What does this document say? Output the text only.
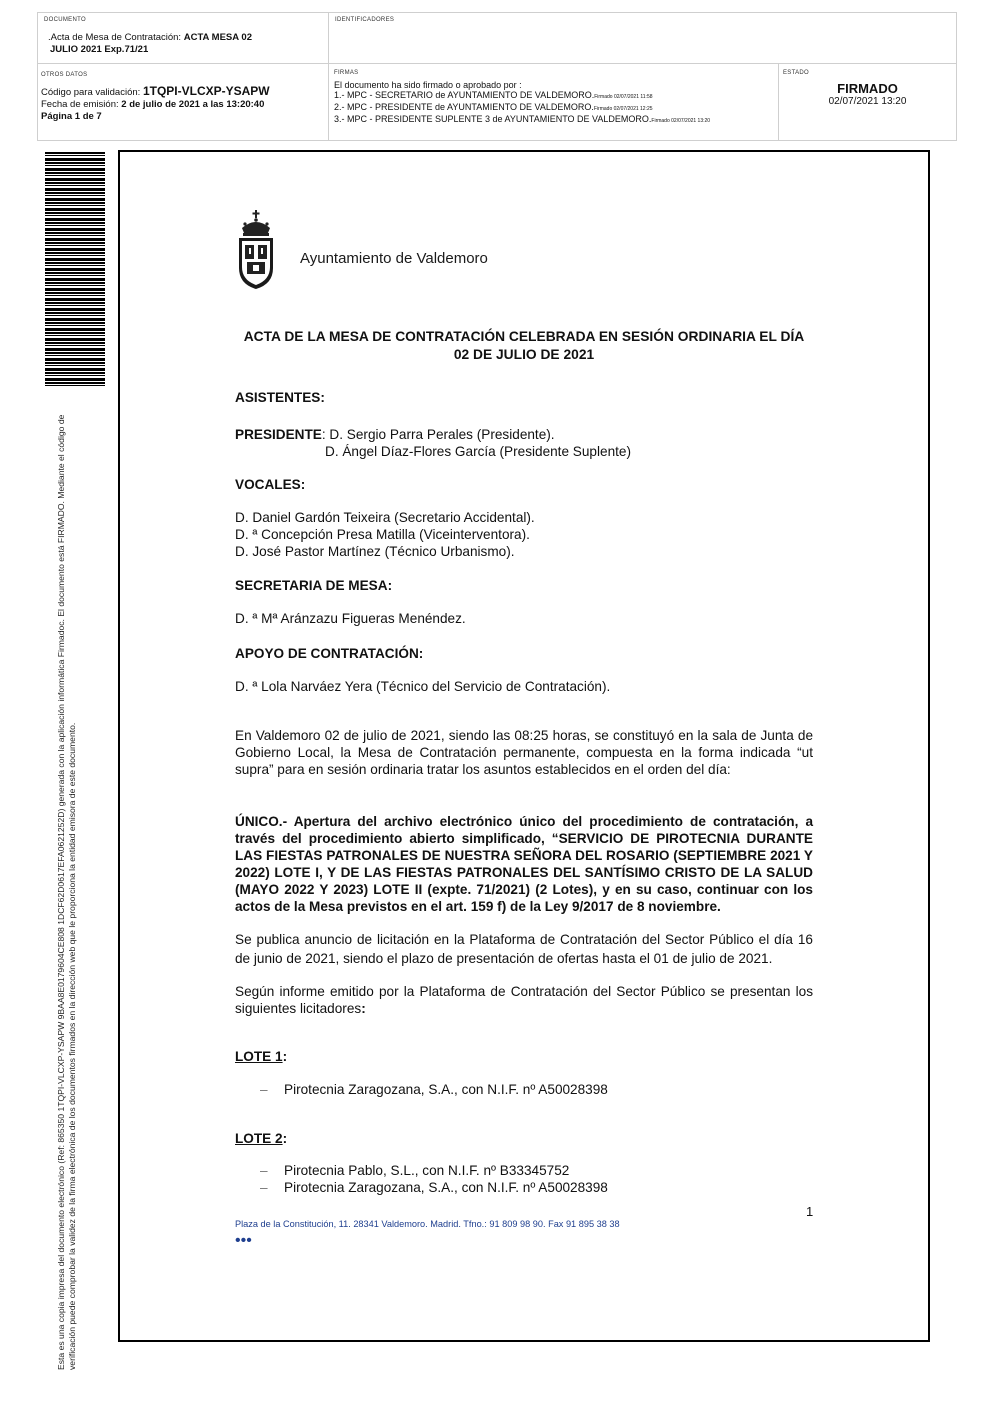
DOCUMENTO
.Acta de Mesa de Contratación: ACTA MESA 02
JULIO 2021 Exp.71/21
IDENTIFICADORES
OTROS DATOS
Código para validación: 1TQPI-VLCXP-YSAPW
Fecha de emisión: 2 de julio de 2021 a las 13:20:40
Página 1 de 7
FIRMAS
El documento ha sido firmado o aprobado por :
1.- MPC - SECRETARIO de AYUNTAMIENTO DE VALDEMORO.Firmado 02/07/2021 11:58
2.- MPC - PRESIDENTE de AYUNTAMIENTO DE VALDEMORO.Firmado 02/07/2021 12:25
3.- MPC - PRESIDENTE SUPLENTE 3 de AYUNTAMIENTO DE VALDEMORO.Firmado 02/07/2021 13:20
ESTADO
FIRMADO
02/07/2021 13:20
Esta es una copia impresa del documento electrónico (Ref: 865350 1TQPI-VLCXP-YSAPW 9BAA8E0179604CE808 1DCF62D0617EFA0621252D) generada con la aplicación informática Firmadoc. El documento está FIRMADO. Mediante el código de verificación puede comprobar la validez de la firma electrónica de los documentos firmados en la dirección web que le proporciona la entidad emisora de este documento.
Ayuntamiento de Valdemoro

ACTA DE LA MESA DE CONTRATACIÓN CELEBRADA EN SESIÓN ORDINARIA EL DÍA 02 DE JULIO DE 2021

ASISTENTES:

PRESIDENTE: D. Sergio Parra Perales (Presidente).

D. Ángel Díaz-Flores García (Presidente Suplente)

VOCALES:

D. Daniel Gardón Teixeira (Secretario Accidental).

D. ª Concepción Presa Matilla (Viceinterventora).

D. José Pastor Martínez (Técnico Urbanismo).

SECRETARIA DE MESA:

D. ª Mª Aránzazu Figueras Menéndez.

APOYO DE CONTRATACIÓN:

D. ª Lola Narváez Yera (Técnico del Servicio de Contratación).

En Valdemoro 02 de julio de 2021, siendo las 08:25 horas, se constituyó en la sala de Junta de Gobierno Local, la Mesa de Contratación permanente, compuesta en la forma indicada “ut supra” para en sesión ordinaria tratar los asuntos establecidos en el orden del día:

ÚNICO.- Apertura del archivo electrónico único del procedimiento de contratación, a través del procedimiento abierto simplificado, “SERVICIO DE PIROTECNIA DURANTE LAS FIESTAS PATRONALES DE NUESTRA SEÑORA DEL ROSARIO (SEPTIEMBRE 2021 Y 2022) LOTE I, Y DE LAS FIESTAS PATRONALES DEL SANTÍSIMO CRISTO DE LA SALUD (MAYO 2022 Y 2023) LOTE II (expte. 71/2021) (2 Lotes), y en su caso, continuar con los actos de la Mesa previstos en el art. 159 f) de la Ley 9/2017 de 8 noviembre.

Se publica anuncio de licitación en la Plataforma de Contratación del Sector Público el día 16 de junio de 2021, siendo el plazo de presentación de ofertas hasta el 01 de julio de 2021.

Según informe emitido por la Plataforma de Contratación del Sector Público se presentan los siguientes licitadores:

LOTE 1:

– Pirotecnia Zaragozana, S.A., con N.I.F. nº A50028398

LOTE 2:

– Pirotecnia Pablo, S.L., con N.I.F. nº B33345752
– Pirotecnia Zaragozana, S.A., con N.I.F. nº A50028398
1
Plaza de la Constitución, 11. 28341 Valdemoro. Madrid. Tfno.: 91 809 98 90. Fax 91 895 38 38
•••
